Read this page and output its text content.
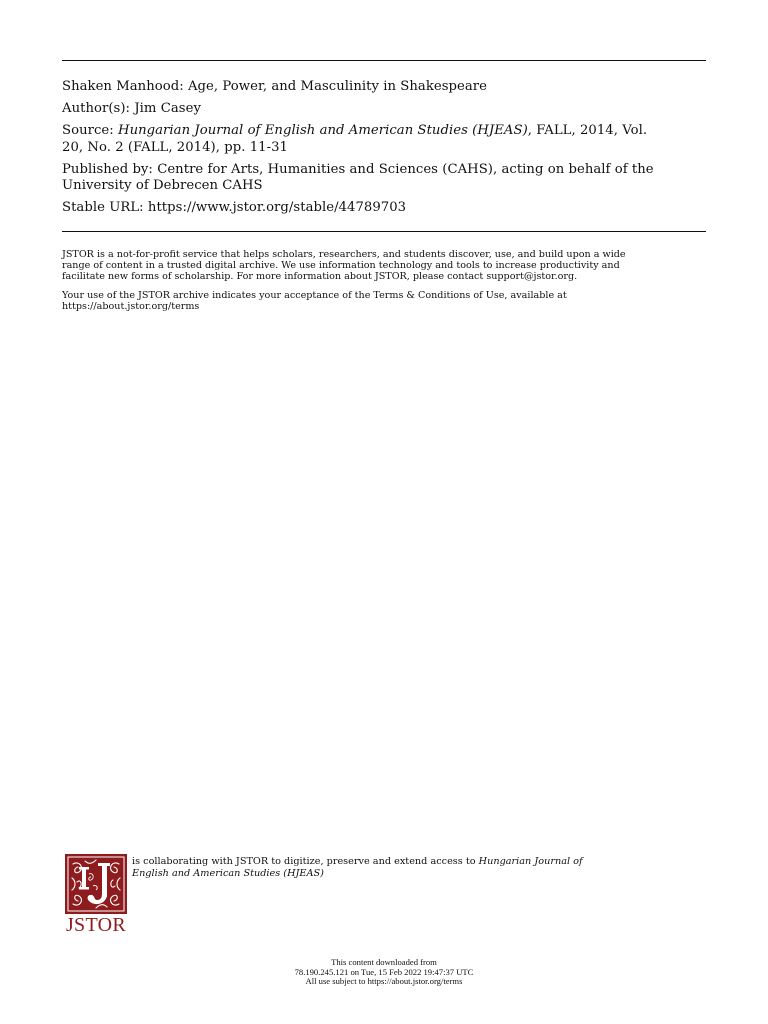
Shaken Manhood: Age, Power, and Masculinity in Shakespeare

Author(s): Jim Casey

Source: Hungarian Journal of English and American Studies (HJEAS), FALL, 2014, Vol.
20, No. 2 (FALL, 2014), pp. 11-31

Published by: Centre for Arts, Humanities and Sciences (CAHS), acting on behalf of the
University of Debrecen CAHS

Stable URL: https://www.jstor.org/stable/44789703

JSTOR is a not-for-profit service that helps scholars, researchers, and students discover, use, and build upon a wide

range of content in a trusted digital archive. We use information technology and tools to increase productivity and

facilitate new forms of scholarship. For more information about JSTOR, please contact support@jstor.org.

Your use of the JSTOR archive indicates your acceptance of the Terms & Conditions of Use, available at

https://about.jstor.org/terms

JSTOR
is collaborating with JSTOR to digitize, preserve and extend access to Hungarian Journal of
English and American Studies (HJEAS)

This content downloaded from

78.190.245.121 on Tue, 15 Feb 2022 19:47:37 UTC

All use subject to https://about.jstor.org/terms
